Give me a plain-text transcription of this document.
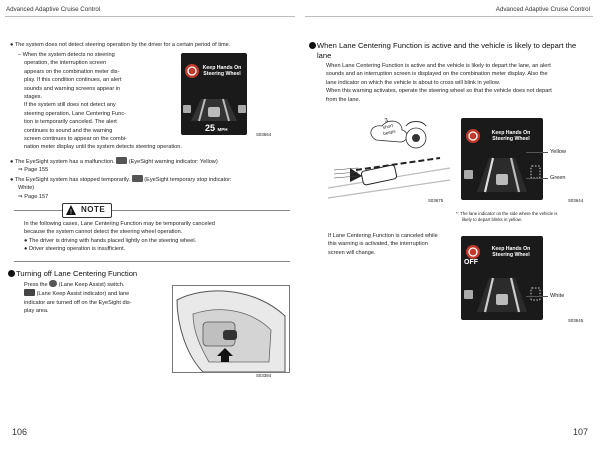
Advanced Adaptive Cruise Control	Advanced Adaptive Cruise Control
● The system does not detect steering operation by the driver for a certain period of time.
– When the system detects no steering
operation, the interruption screen
appears on the combination meter dis-
play. If this condition continues, an alert
sounds and warning screens appear in
stages.
If the system still does not detect any
steering operation, Lane Centering Func-
tion is temporarily canceled. The alert
continues to sound and the warning
screen continues to appear on the combi-
nation meter display until the system detects steering operation.
Keep Hands On
Steering Wheel
25 MPH
S03664
● The EyeSight system has a malfunction.	(EyeSight warning indicator: Yellow)
⇒ Page 155
● The EyeSight system has stopped temporarily.	(EyeSight temporary stop indicator:
White)
⇒ Page 157
! NOTE
In the following cases, Lane Centering Function may be temporarily canceled
because the system cannot detect the steering wheel operation.
● The driver is driving with hands placed lightly on the steering wheel.
● Driver steering operation is insufficient.
Turning off Lane Centering Function
Press the (Lane Keep Assist) switch.
(Lane Keep Assist indicator) and lane
indicator are turned off on the EyeSight dis-
play area.
S03384
106
When Lane Centering Function is active and the vehicle is likely to depart the
lane
When Lane Centering Function is active and the vehicle is likely to depart the lane, an alert
sounds and an interruption screen is displayed on the combination meter display. Also the
lane indicator on which the vehicle is about to cross will blink in yellow.
When this warning activates, operate the steering wheel so that the vehicle does not depart
from the lane.
3
short beeps
S03675
Keep Hands On
Steering Wheel
Yellow
Green
S03644
*: The lane indicator on the side where the vehicle is
likely to depart blinks in yellow.
If Lane Centering Function is canceled while
this warning is activated, the interruption
screen will change.
Keep Hands On
Steering Wheel
OFF
White
S03645
107
